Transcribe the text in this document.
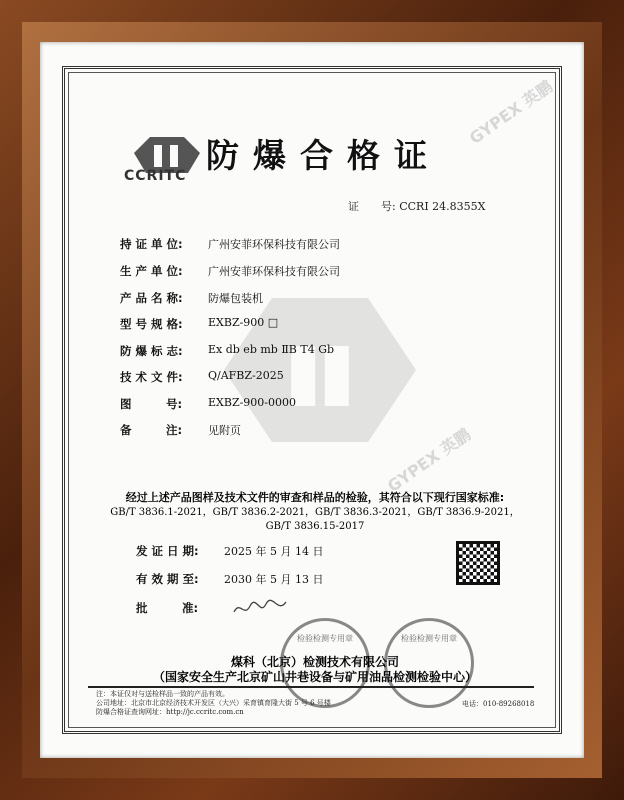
GYPEX 英鹏
GYPEX 英鹏
CCRITC
防爆合格证
证　　号: CCRI 24.8355X
持 证 单 位:	广州安菲环保科技有限公司
生 产 单 位:	广州安菲环保科技有限公司
产 品 名 称:	防爆包装机
型 号 规 格:	EXBZ-900 □
防 爆 标 志:	Ex db eb mb ⅡB T4 Gb
技 术 文 件:	Q/AFBZ-2025
图　　　号:	EXBZ-900-0000
备　　　注:	见附页
经过上述产品图样及技术文件的审查和样品的检验，其符合以下现行国家标准:
GB/T 3836.1-2021，GB/T 3836.2-2021，GB/T 3836.3-2021，GB/T 3836.9-2021，
GB/T 3836.15-2017
发 证 日 期:	2025 年 5 月 14 日
有 效 期 至:	2030 年 5 月 13 日
批　　　准:
检验检测专用章	检验检测专用章
煤科（北京）检测技术有限公司
（国家安全生产北京矿山井巷设备与矿用油品检测检验中心）
注：本证仅对与送检样品一致的产品有效。
公司地址：北京市北京经济技术开发区（大兴）采育镇育隆大街 5 号 6 号楼
防爆合格证查询网址：http://jc.ccritc.com.cn
电话：010-89268018
